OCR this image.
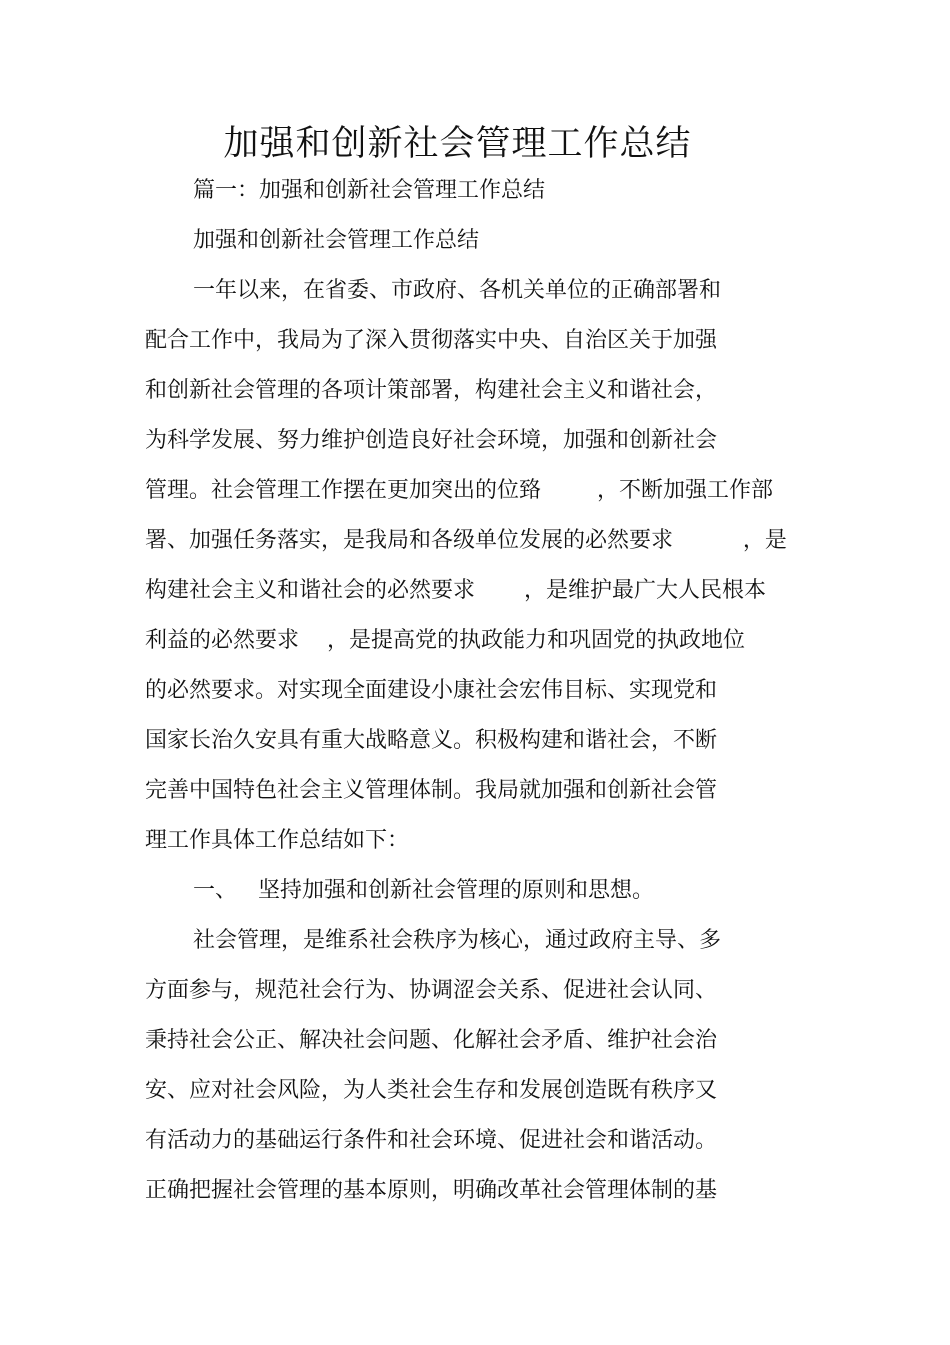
加强和创新社会管理工作总结
篇一：加强和创新社会管理工作总结
加强和创新社会管理工作总结
一年以来，在省委、市政府、各机关单位的正确部署和
配合工作中，我局为了深入贯彻落实中央、自治区关于加强
和创新社会管理的各项计策部署，构建社会主义和谐社会，
为科学发展、努力维护创造良好社会环境，加强和创新社会
管理。社会管理工作摆在更加突出的位臵        ，不断加强工作部
署、加强任务落实，是我局和各级单位发展的必然要求          ，是
构建社会主义和谐社会的必然要求       ，是维护最广大人民根本
利益的必然要求    ，是提高党的执政能力和巩固党的执政地位
的必然要求。对实现全面建设小康社会宏伟目标、实现党和
国家长治久安具有重大战略意义。积极构建和谐社会，不断
完善中国特色社会主义管理体制。我局就加强和创新社会管
理工作具体工作总结如下：
一、   坚持加强和创新社会管理的原则和思想。
社会管理，是维系社会秩序为核心，通过政府主导、多
方面参与，规范社会行为、协调涩会关系、促进社会认同、
秉持社会公正、解决社会问题、化解社会矛盾、维护社会治
安、应对社会风险，为人类社会生存和发展创造既有秩序又
有活动力的基础运行条件和社会环境、促进社会和谐活动。
正确把握社会管理的基本原则，明确改革社会管理体制的基
